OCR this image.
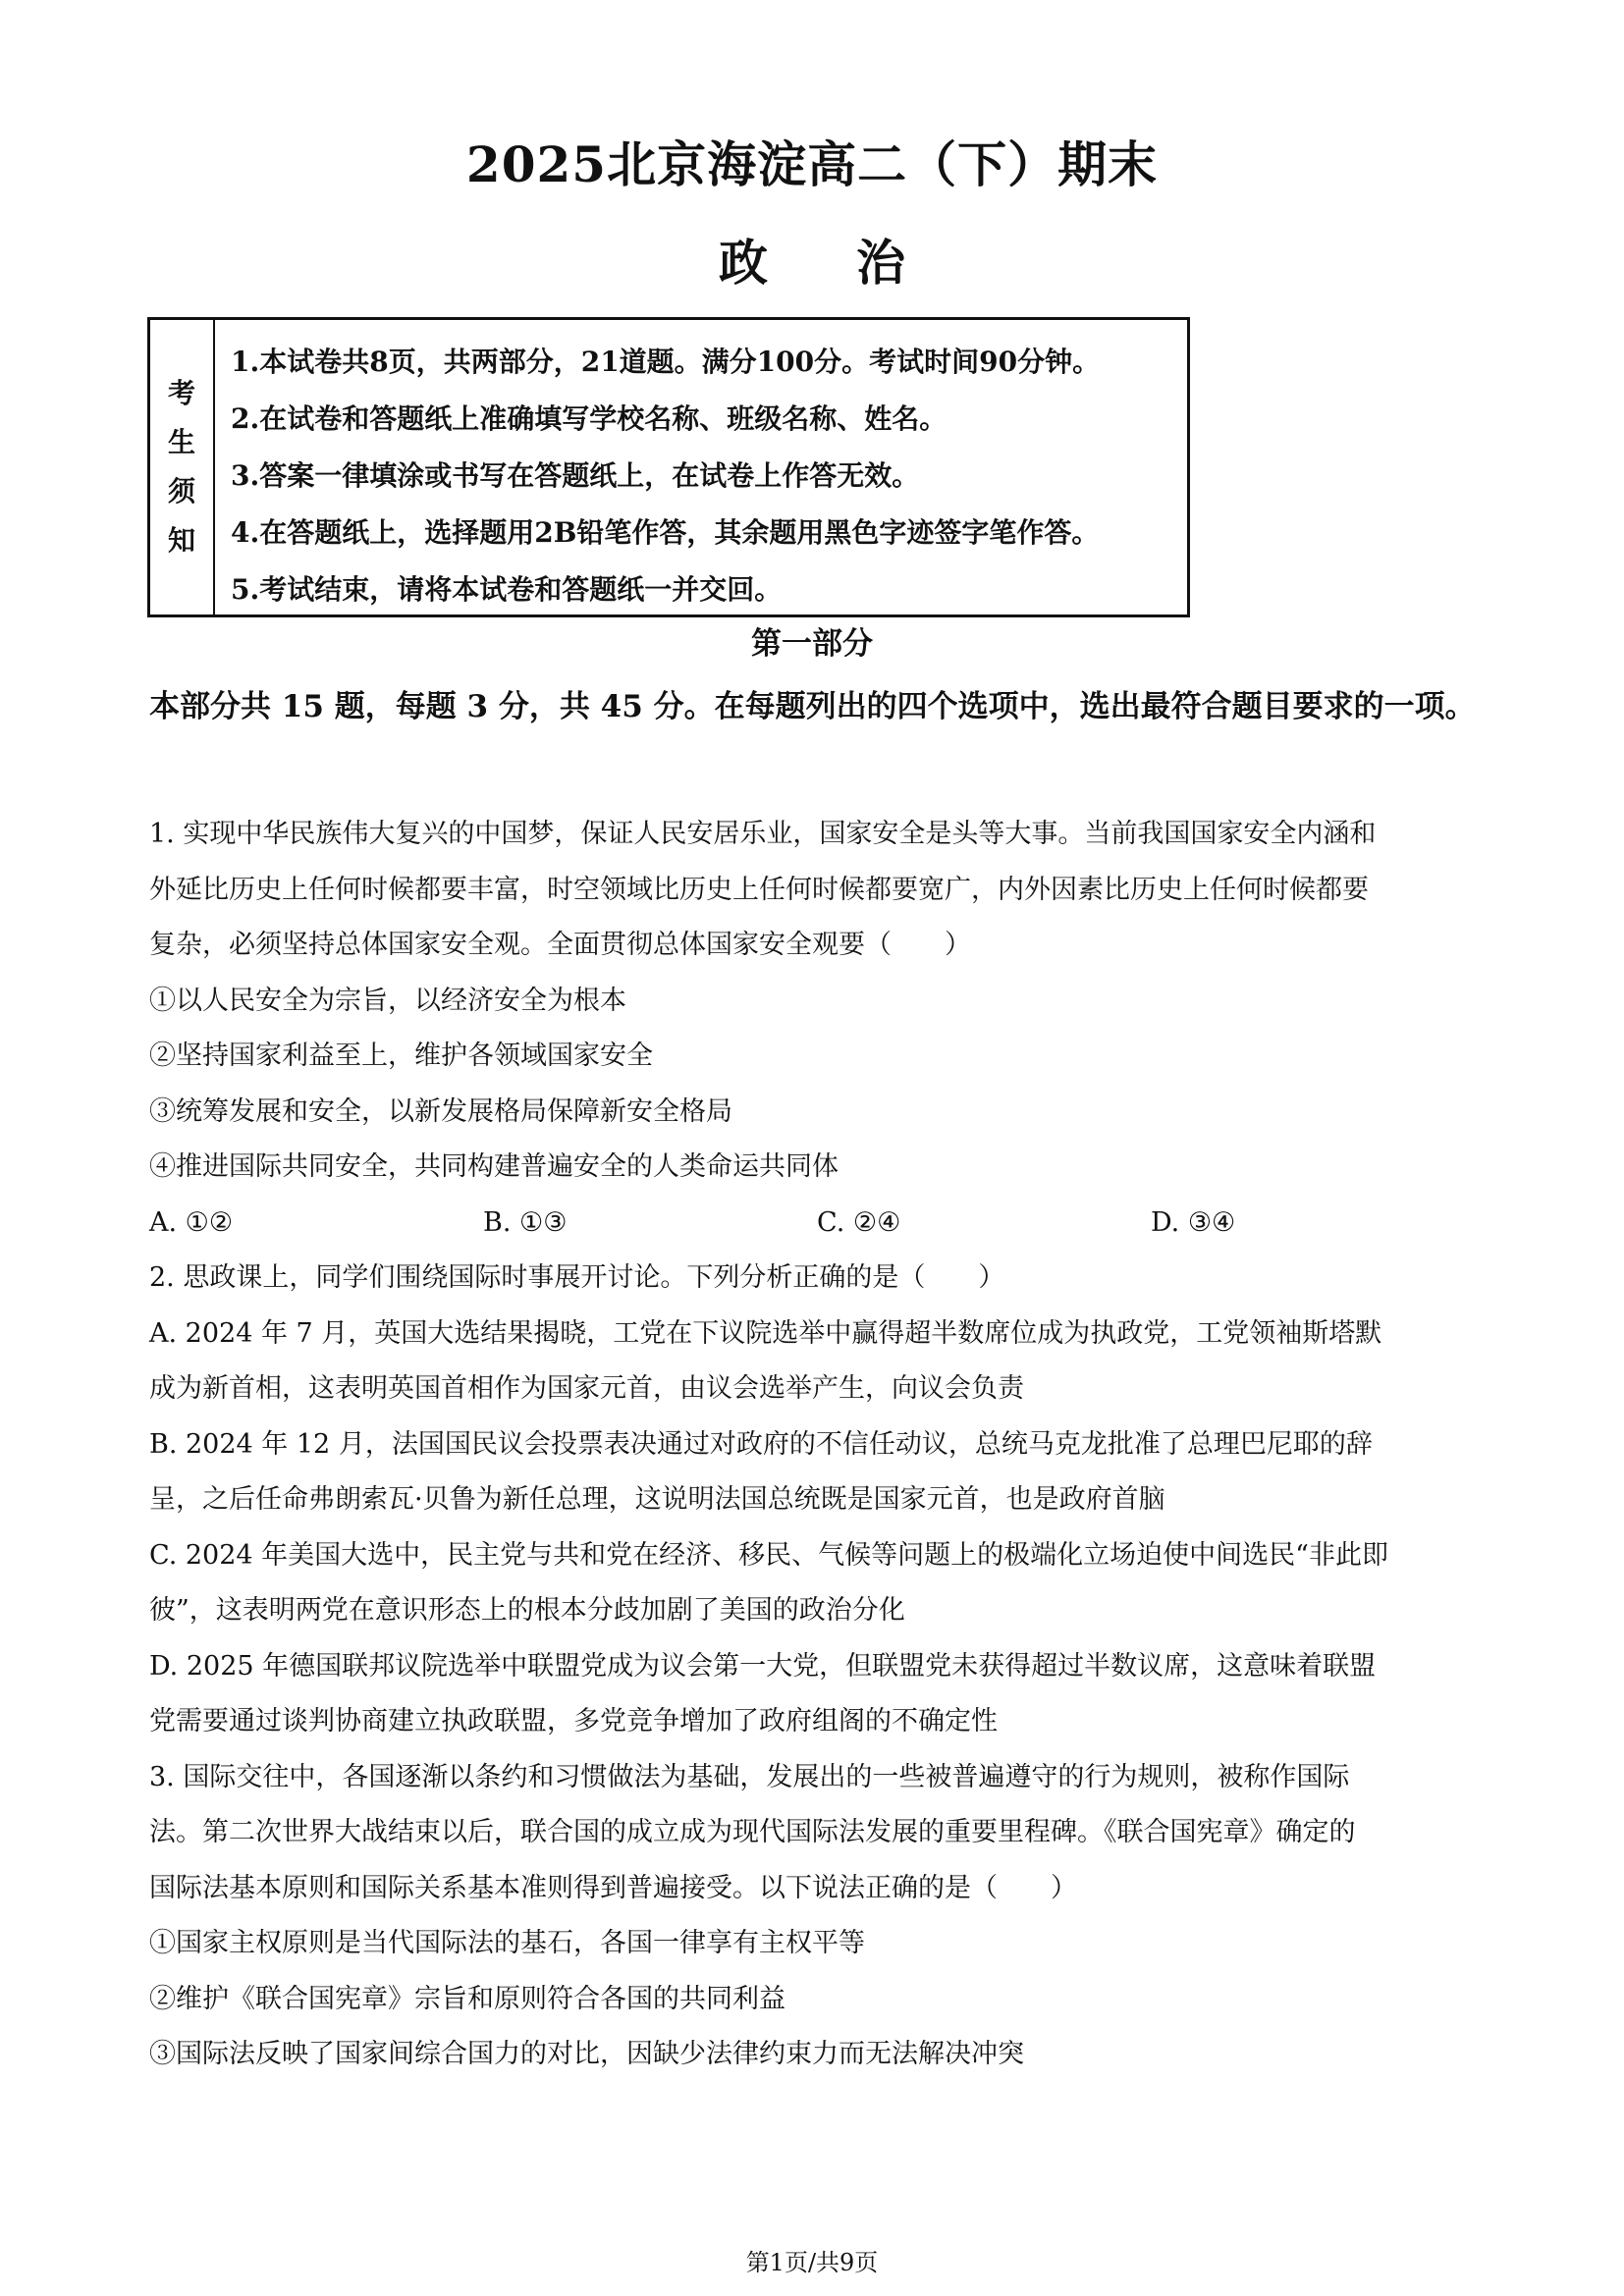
2025北京海淀高二（下）期末
政治
考
生
须
知
1.本试卷共8页，共两部分，21道题。满分100分。考试时间90分钟。
2.在试卷和答题纸上准确填写学校名称、班级名称、姓名。
3.答案一律填涂或书写在答题纸上，在试卷上作答无效。
4.在答题纸上，选择题用2B铅笔作答，其余题用黑色字迹签字笔作答。
5.考试结束，请将本试卷和答题纸一并交回。
第一部分
本部分共 15 题，每题 3 分，共 45 分。在每题列出的四个选项中，选出最符合题目要求的一项。
1. 实现中华民族伟大复兴的中国梦，保证人民安居乐业，国家安全是头等大事。当前我国国家安全内涵和
外延比历史上任何时候都要丰富，时空领域比历史上任何时候都要宽广，内外因素比历史上任何时候都要
复杂，必须坚持总体国家安全观。全面贯彻总体国家安全观要（　　）
①以人民安全为宗旨，以经济安全为根本
②坚持国家利益至上，维护各领域国家安全
③统筹发展和安全，以新发展格局保障新安全格局
④推进国际共同安全，共同构建普遍安全的人类命运共同体
A. ①②	B. ①③	C. ②④	D. ③④
2. 思政课上，同学们围绕国际时事展开讨论。下列分析正确的是（　　）
A. 2024 年 7 月，英国大选结果揭晓，工党在下议院选举中赢得超半数席位成为执政党，工党领袖斯塔默
成为新首相，这表明英国首相作为国家元首，由议会选举产生，向议会负责
B. 2024 年 12 月，法国国民议会投票表决通过对政府的不信任动议，总统马克龙批准了总理巴尼耶的辞
呈，之后任命弗朗索瓦·贝鲁为新任总理，这说明法国总统既是国家元首，也是政府首脑
C. 2024 年美国大选中，民主党与共和党在经济、移民、气候等问题上的极端化立场迫使中间选民“非此即
彼”，这表明两党在意识形态上的根本分歧加剧了美国的政治分化
D. 2025 年德国联邦议院选举中联盟党成为议会第一大党，但联盟党未获得超过半数议席，这意味着联盟
党需要通过谈判协商建立执政联盟，多党竞争增加了政府组阁的不确定性
3. 国际交往中，各国逐渐以条约和习惯做法为基础，发展出的一些被普遍遵守的行为规则，被称作国际
法。第二次世界大战结束以后，联合国的成立成为现代国际法发展的重要里程碑。《联合国宪章》确定的
国际法基本原则和国际关系基本准则得到普遍接受。以下说法正确的是（　　）
①国家主权原则是当代国际法的基石，各国一律享有主权平等
②维护《联合国宪章》宗旨和原则符合各国的共同利益
③国际法反映了国家间综合国力的对比，因缺少法律约束力而无法解决冲突
第1页/共9页
